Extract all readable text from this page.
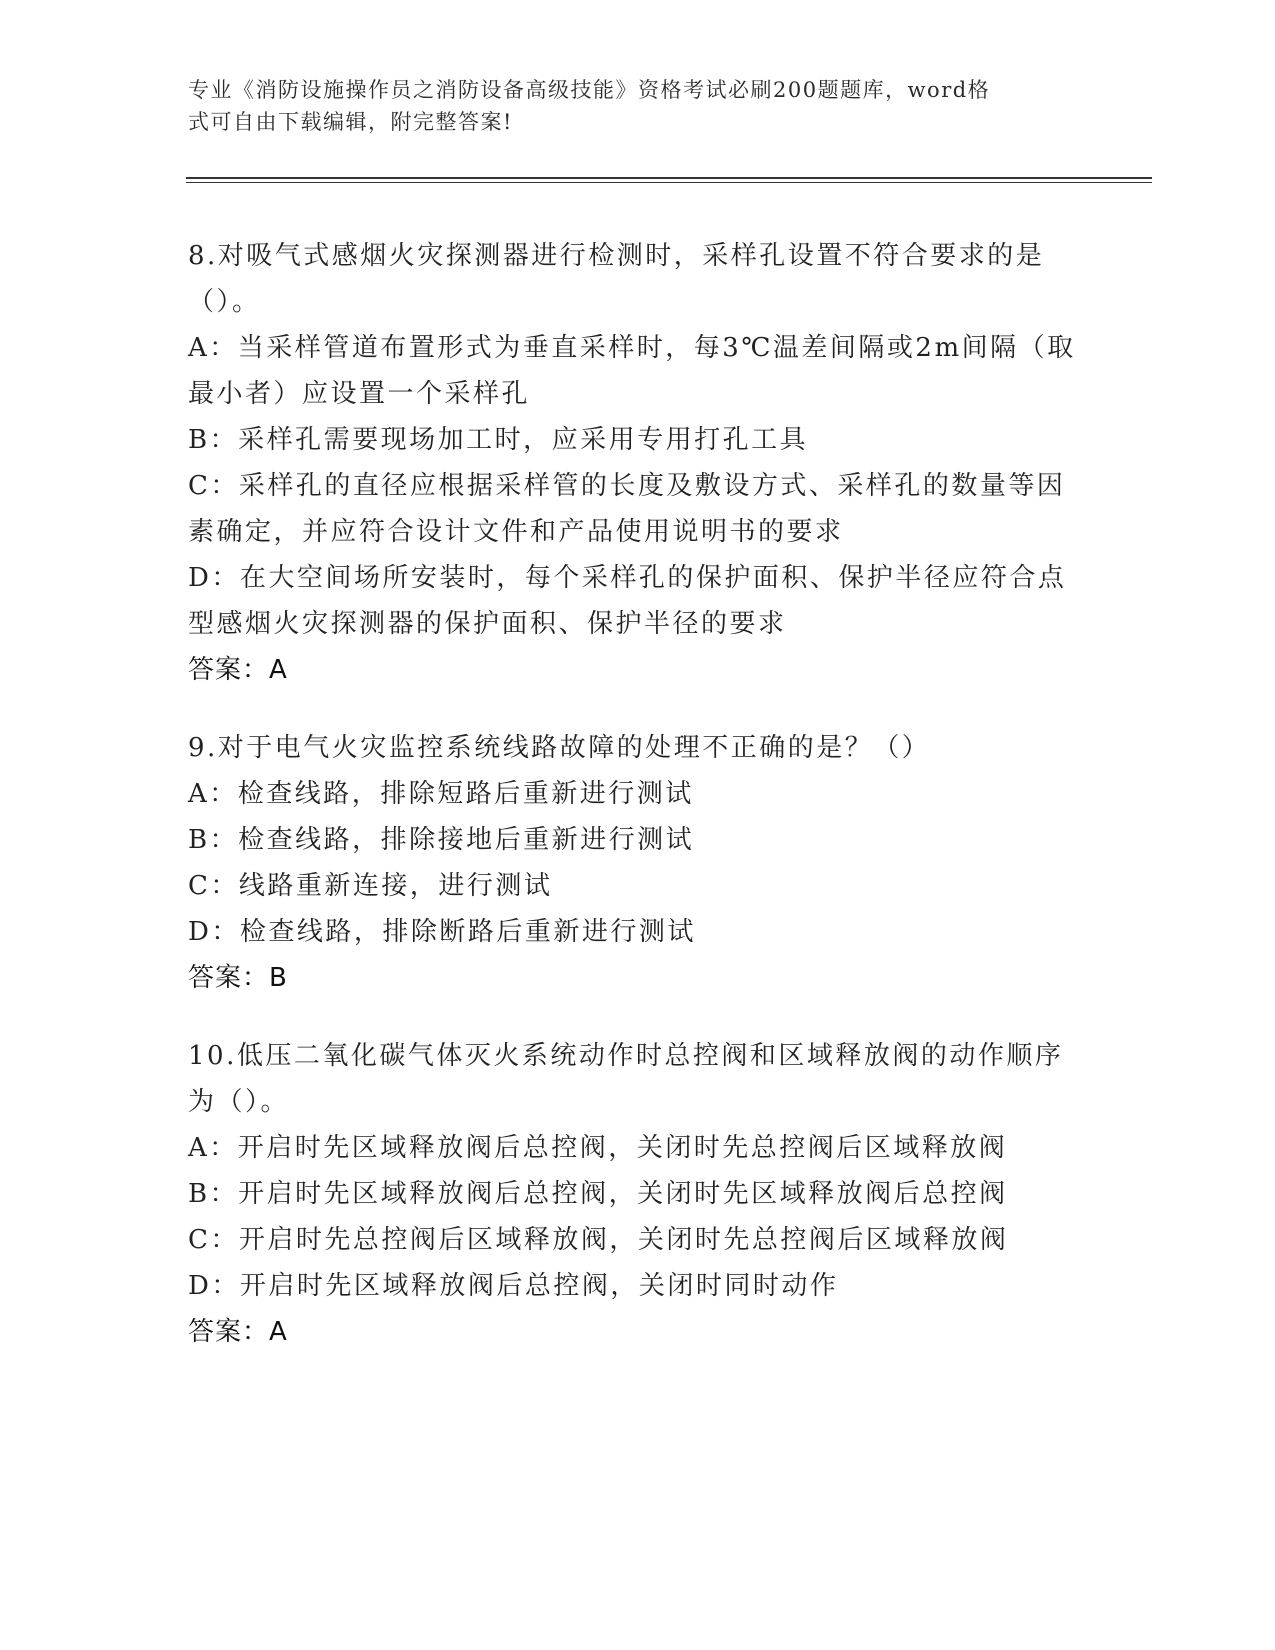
专业《消防设施操作员之消防设备高级技能》资格考试必刷200题题库，word格
式可自由下载编辑，附完整答案!
8.对吸气式感烟火灾探测器进行检测时，采样孔设置不符合要求的是
（）。
A：当采样管道布置形式为垂直采样时，每3℃温差间隔或2m间隔（取
最小者）应设置一个采样孔
B：采样孔需要现场加工时，应采用专用打孔工具
C：采样孔的直径应根据采样管的长度及敷设方式、采样孔的数量等因
素确定，并应符合设计文件和产品使用说明书的要求
D：在大空间场所安装时，每个采样孔的保护面积、保护半径应符合点
型感烟火灾探测器的保护面积、保护半径的要求
答案：A
9.对于电气火灾监控系统线路故障的处理不正确的是？（）
A：检查线路，排除短路后重新进行测试
B：检查线路，排除接地后重新进行测试
C：线路重新连接，进行测试
D：检查线路，排除断路后重新进行测试
答案：B
10.低压二氧化碳气体灭火系统动作时总控阀和区域释放阀的动作顺序
为（）。
A：开启时先区域释放阀后总控阀，关闭时先总控阀后区域释放阀
B：开启时先区域释放阀后总控阀，关闭时先区域释放阀后总控阀
C：开启时先总控阀后区域释放阀，关闭时先总控阀后区域释放阀
D：开启时先区域释放阀后总控阀，关闭时同时动作
答案：A
